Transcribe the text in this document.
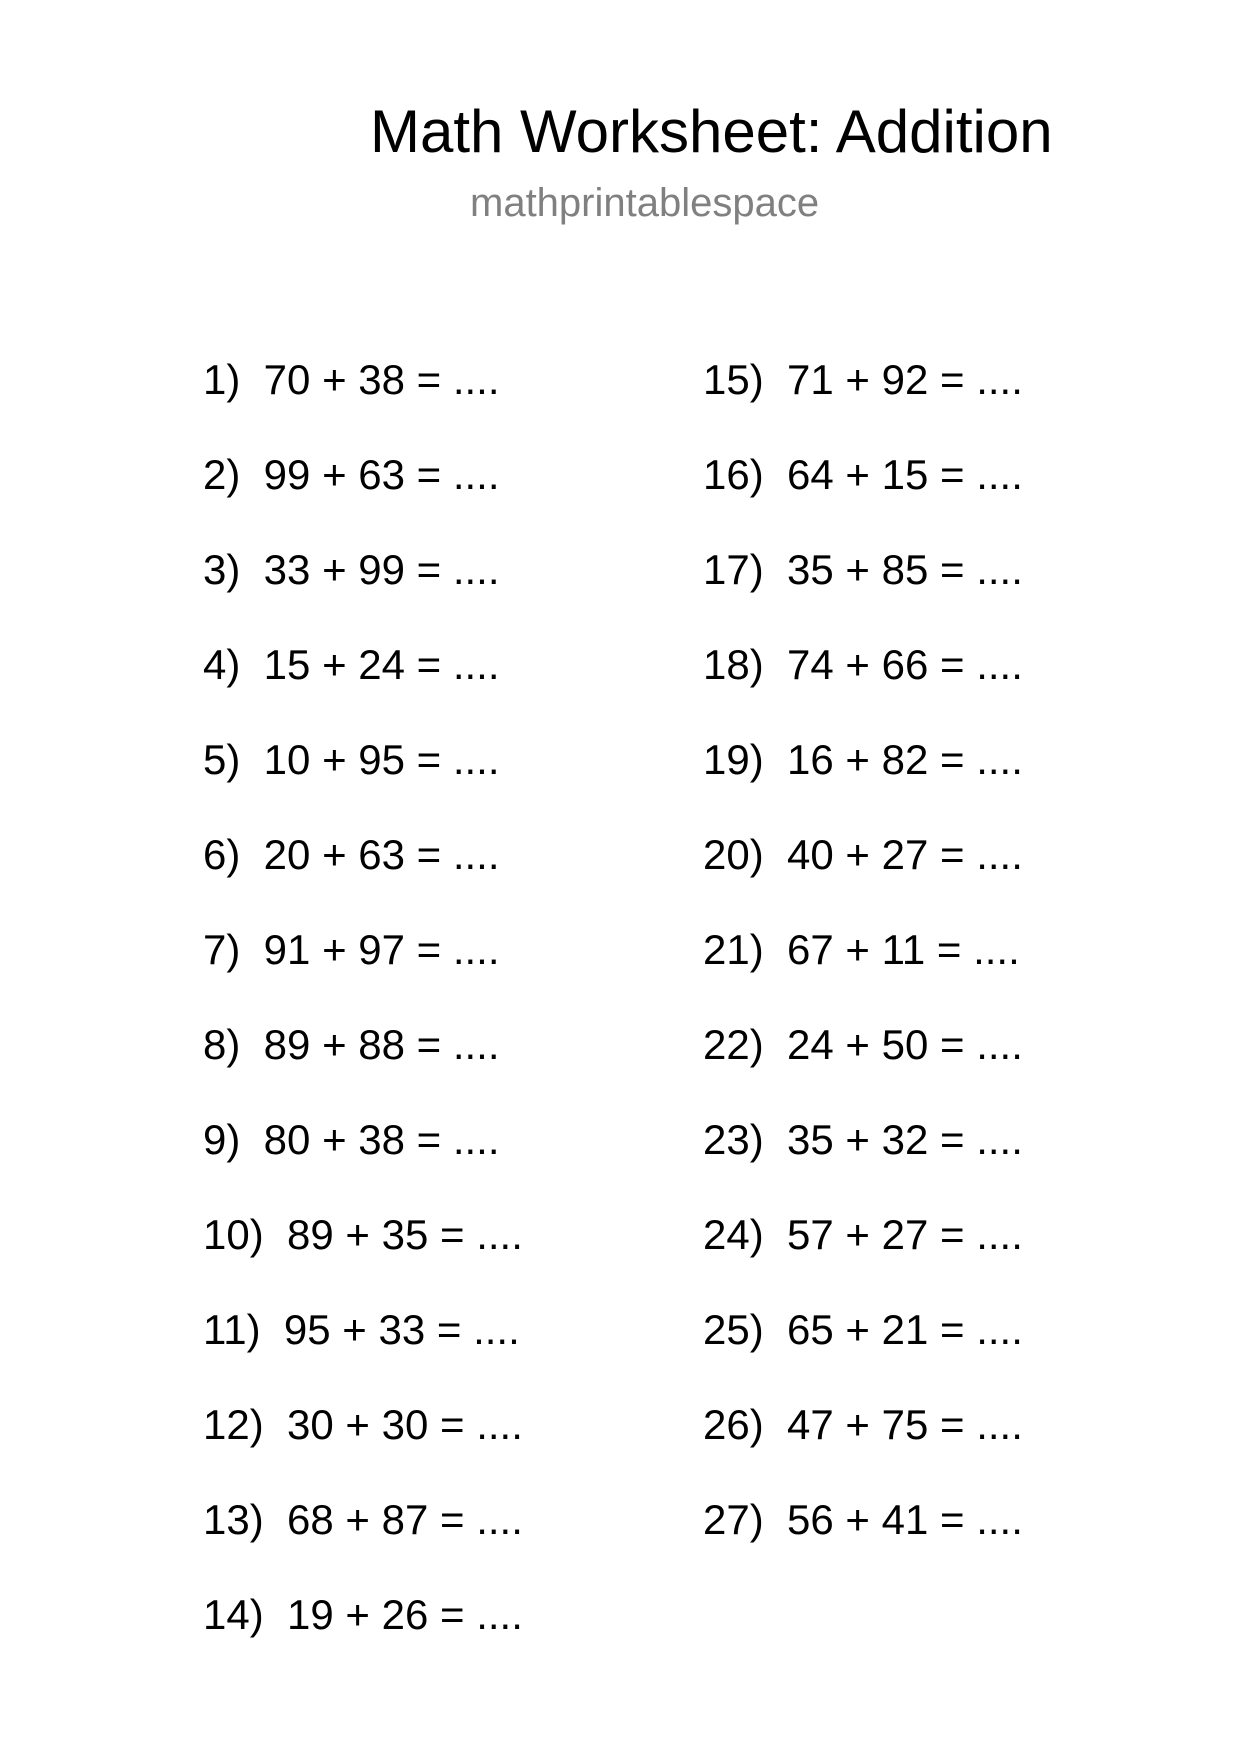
Math Worksheet: Addition
mathprintablespace
1)  70 + 38 = ....
2)  99 + 63 = ....
3)  33 + 99 = ....
4)  15 + 24 = ....
5)  10 + 95 = ....
6)  20 + 63 = ....
7)  91 + 97 = ....
8)  89 + 88 = ....
9)  80 + 38 = ....
10)  89 + 35 = ....
11)  95 + 33 = ....
12)  30 + 30 = ....
13)  68 + 87 = ....
14)  19 + 26 = ....
15)  71 + 92 = ....
16)  64 + 15 = ....
17)  35 + 85 = ....
18)  74 + 66 = ....
19)  16 + 82 = ....
20)  40 + 27 = ....
21)  67 + 11 = ....
22)  24 + 50 = ....
23)  35 + 32 = ....
24)  57 + 27 = ....
25)  65 + 21 = ....
26)  47 + 75 = ....
27)  56 + 41 = ....
